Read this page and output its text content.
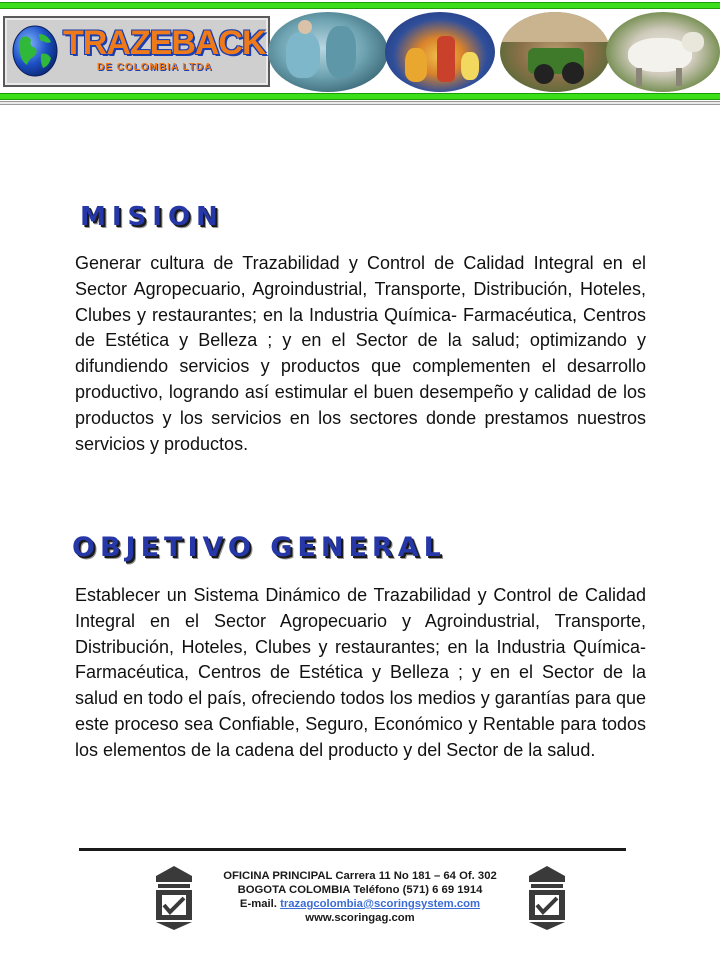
TRAZEBACK
DE COLOMBIA LTDA
MISION

Generar cultura de Trazabilidad y Control de Calidad Integral en el Sector Agropecuario, Agroindustrial, Transporte, Distribución, Hoteles, Clubes y restaurantes; en la Industria Química- Farmacéutica, Centros de Estética y Belleza ; y en el Sector de la salud; optimizando y difundiendo servicios y productos que complementen el desarrollo productivo, logrando así estimular el buen desempeño y calidad de los productos y los servicios en los sectores donde prestamos nuestros servicios y productos.

OBJETIVO GENERAL

Establecer un Sistema Dinámico de Trazabilidad y Control de Calidad Integral en el Sector Agropecuario y Agroindustrial, Transporte, Distribución, Hoteles, Clubes y restaurantes; en la Industria Química- Farmacéutica, Centros de Estética y Belleza ; y en el Sector de la salud en todo el país, ofreciendo todos los medios y garantías para que este proceso sea Confiable, Seguro, Económico y Rentable para todos los elementos de la cadena del producto y del Sector de la salud.

OFICINA PRINCIPAL Carrera 11 No 181 – 64 Of. 302
BOGOTA COLOMBIA Teléfono (571) 6 69 1914
E-mail. trazagcolombia@scoringsystem.com
www.scoringag.com
